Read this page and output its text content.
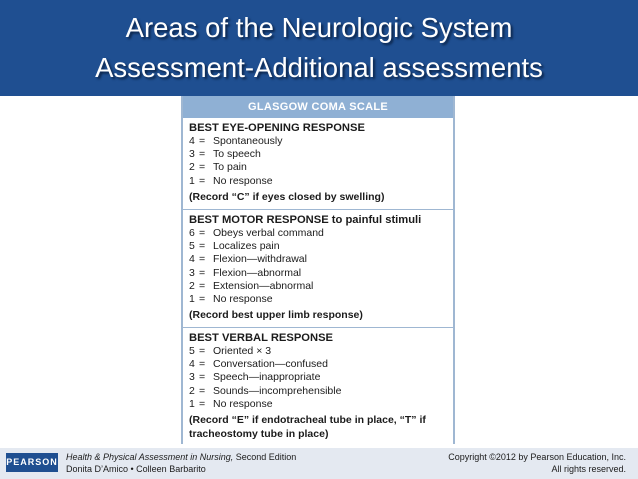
Areas of the Neurologic System
Assessment-Additional assessments
GLASGOW COMA SCALE
BEST EYE-OPENING RESPONSE
4 = Spontaneously
3 = To speech
2 = To pain
1 = No response
(Record “C” if eyes closed by swelling)
BEST MOTOR RESPONSE to painful stimuli
6 = Obeys verbal command
5 = Localizes pain
4 = Flexion—withdrawal
3 = Flexion—abnormal
2 = Extension—abnormal
1 = No response
(Record best upper limb response)
BEST VERBAL RESPONSE
5 = Oriented × 3
4 = Conversation—confused
3 = Speech—inappropriate
2 = Sounds—incomprehensible
1 = No response
(Record “E” if endotracheal tube in place, “T” if
tracheostomy tube in place)
PEARSON Health & Physical Assessment in Nursing, Second Edition
Donita D’Amico • Colleen Barbarito
Copyright ©2012 by Pearson Education, Inc.
All rights reserved.
